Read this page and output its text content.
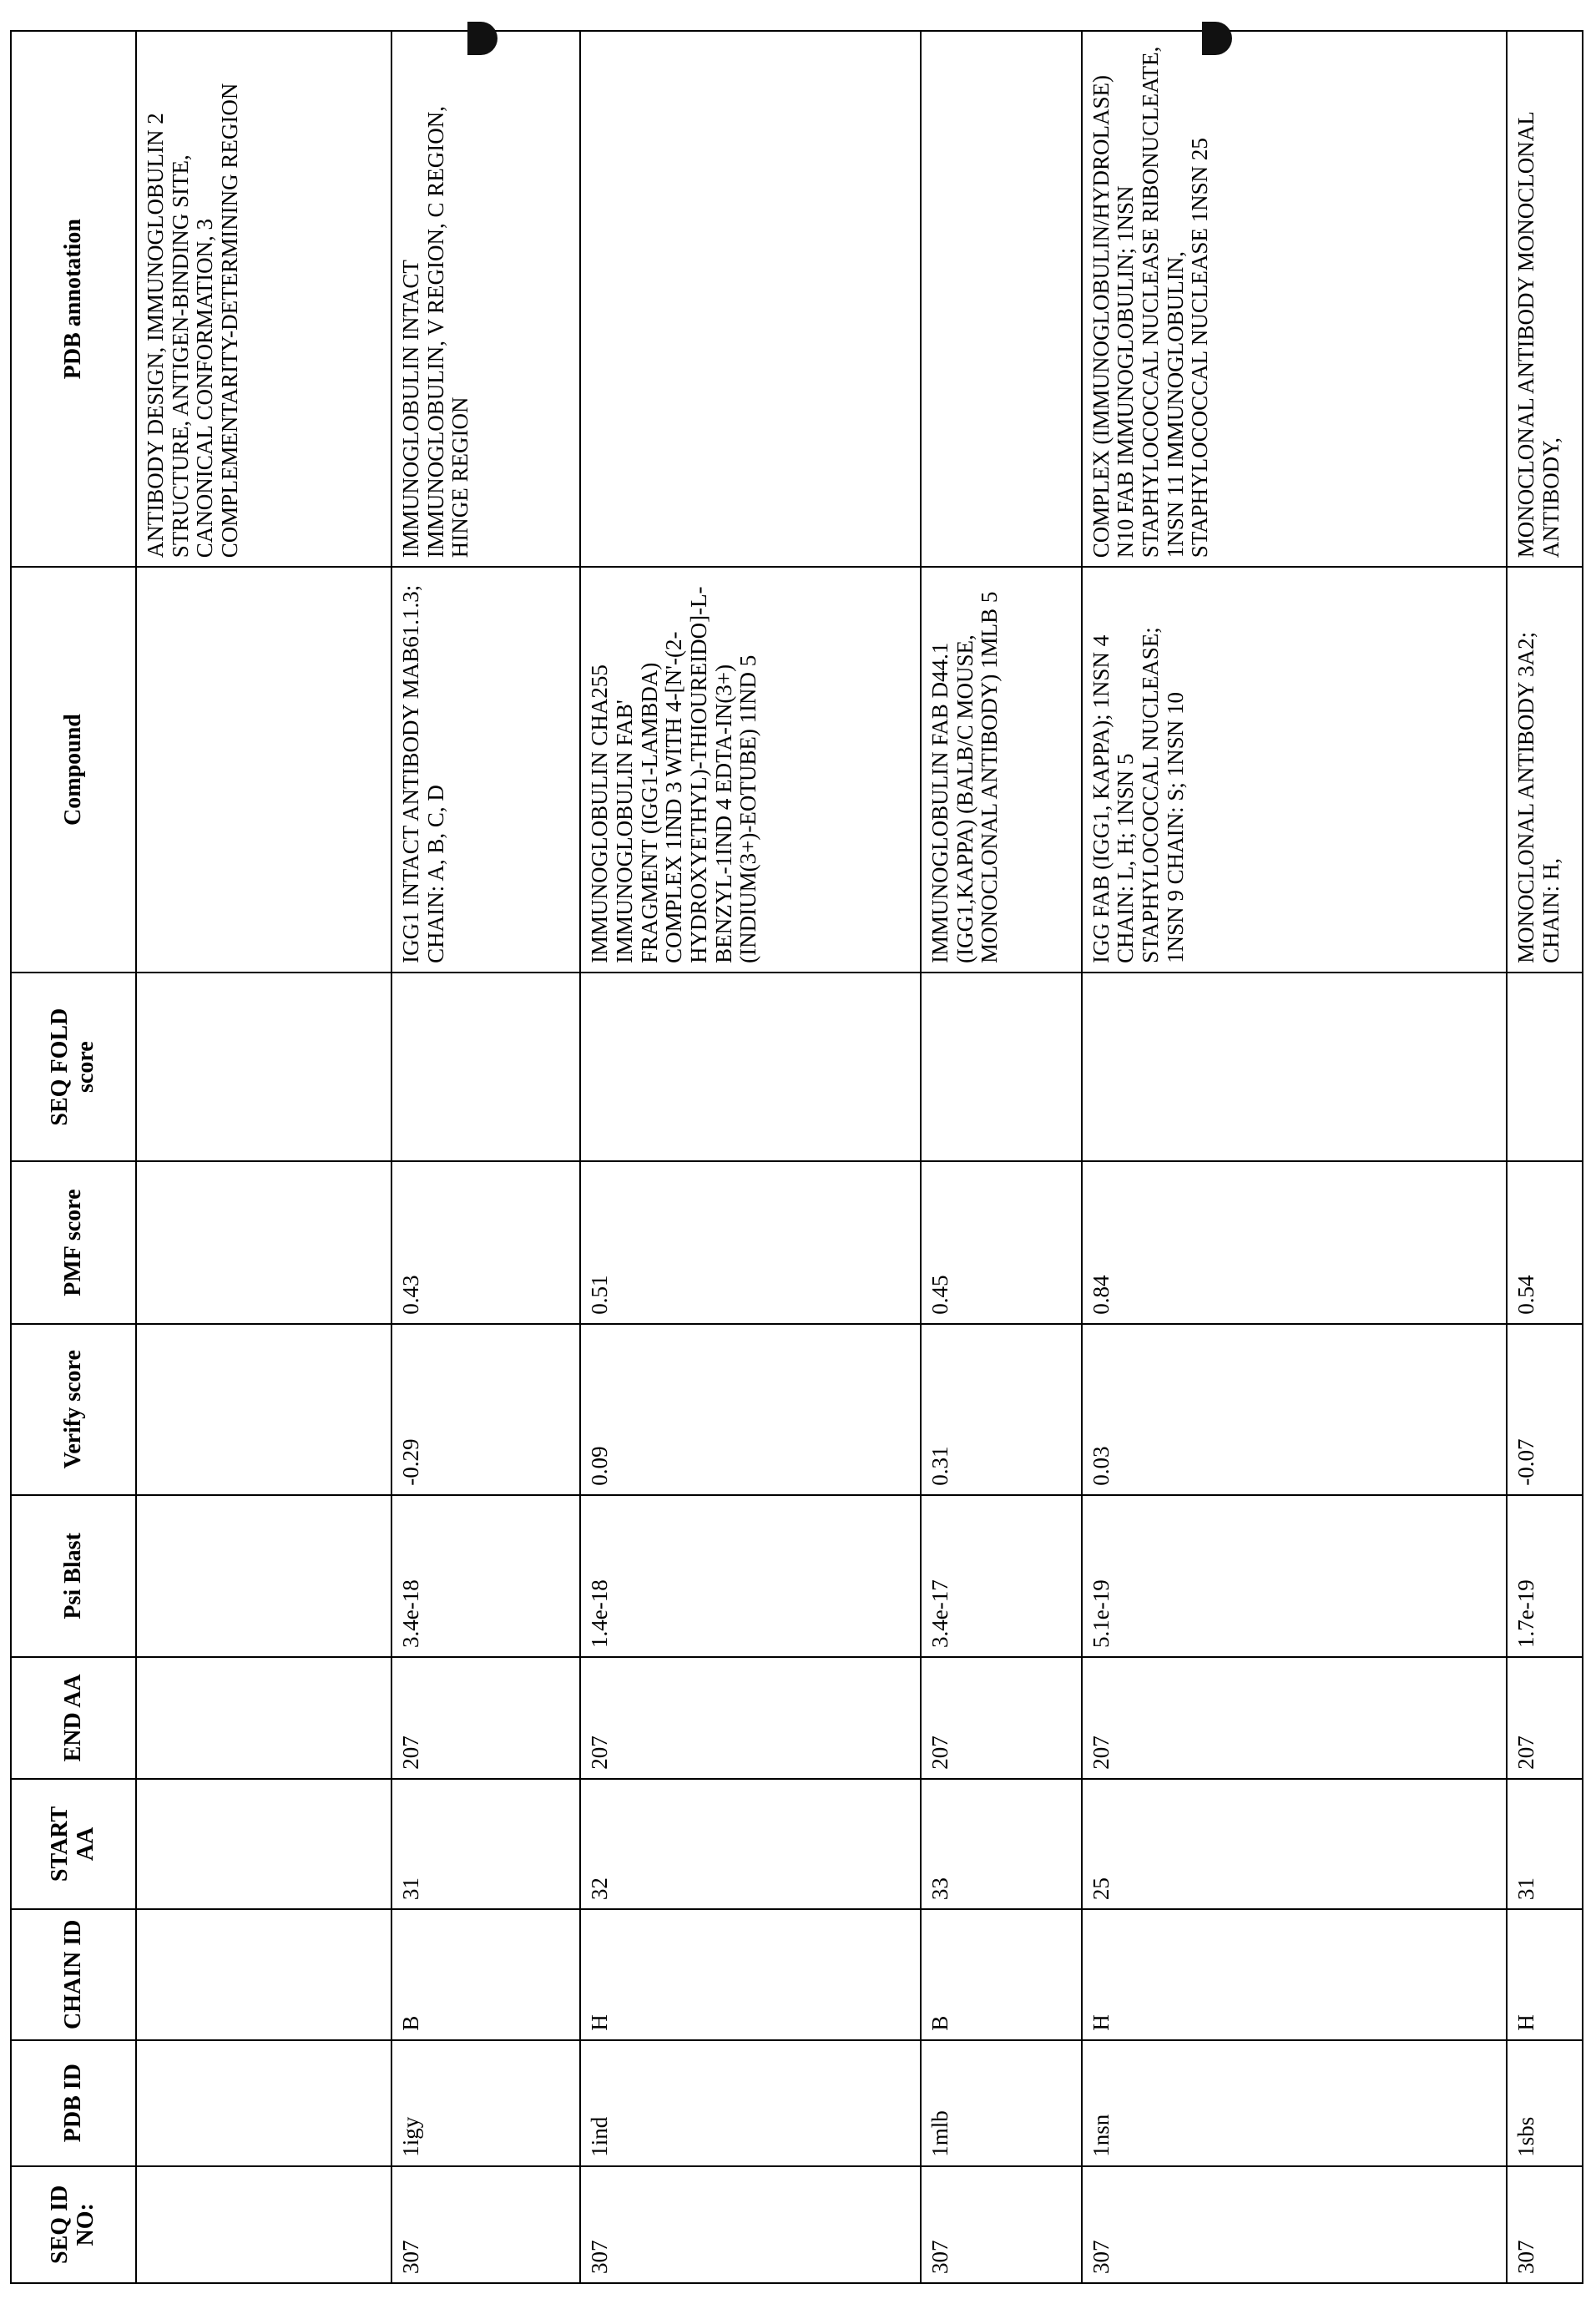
SEQ ID NO:	PDB ID	CHAIN ID	START AA	END AA	Psi Blast	Verify score	PMF score	SEQ FOLD score	Compound	PDB annotation										ANTIBODY DESIGN, IMMUNOGLOBULIN 2 STRUCTURE, ANTIGEN-BINDING SITE, CANONICAL CONFORMATION, 3 COMPLEMENTARITY-DETERMINING REGION
307	1igy	B	31	207	3.4e-18	-0.29	0.43		IGG1 INTACT ANTIBODY MAB61.1.3; CHAIN: A, B, C, D	IMMUNOGLOBULIN INTACT IMMUNOGLOBULIN, V REGION, C REGION, HINGE REGION
307	1ind	H	32	207	1.4e-18	0.09	0.51		IMMUNOGLOBULIN CHA255 IMMUNOGLOBULIN FAB' FRAGMENT (IGG1-LAMBDA) COMPLEX 1IND 3 WITH 4-[N'-(2-HYDROXYETHYL)-THIOUREIDO]-L-BENZYL-1IND 4 EDTA-IN(3+) (INDIUM(3+)-EOTUBE) 1IND 5	
307	1mlb	B	33	207	3.4e-17	0.31	0.45		IMMUNOGLOBULIN FAB D44.1 (IGG1,KAPPA) (BALB/C MOUSE, MONOCLONAL ANTIBODY) 1MLB 5	
307	1nsn	H	25	207	5.1e-19	0.03	0.84		IGG FAB (IGG1, KAPPA); 1NSN 4 CHAIN: L, H; 1NSN 5 STAPHYLOCOCCAL NUCLEASE; 1NSN 9 CHAIN: S; 1NSN 10	COMPLEX (IMMUNOGLOBULIN/HYDROLASE) N10 FAB IMMUNOGLOBULIN; 1NSN STAPHYLOCOCCAL NUCLEASE RIBONUCLEATE, 1NSN 11 IMMUNOGLOBULIN, STAPHYLOCOCCAL NUCLEASE 1NSN 25
307	1sbs	H	31	207	1.7e-19	-0.07	0.54		MONOCLONAL ANTIBODY 3A2; CHAIN: H,	MONOCLONAL ANTIBODY MONOCLONAL ANTIBODY,
